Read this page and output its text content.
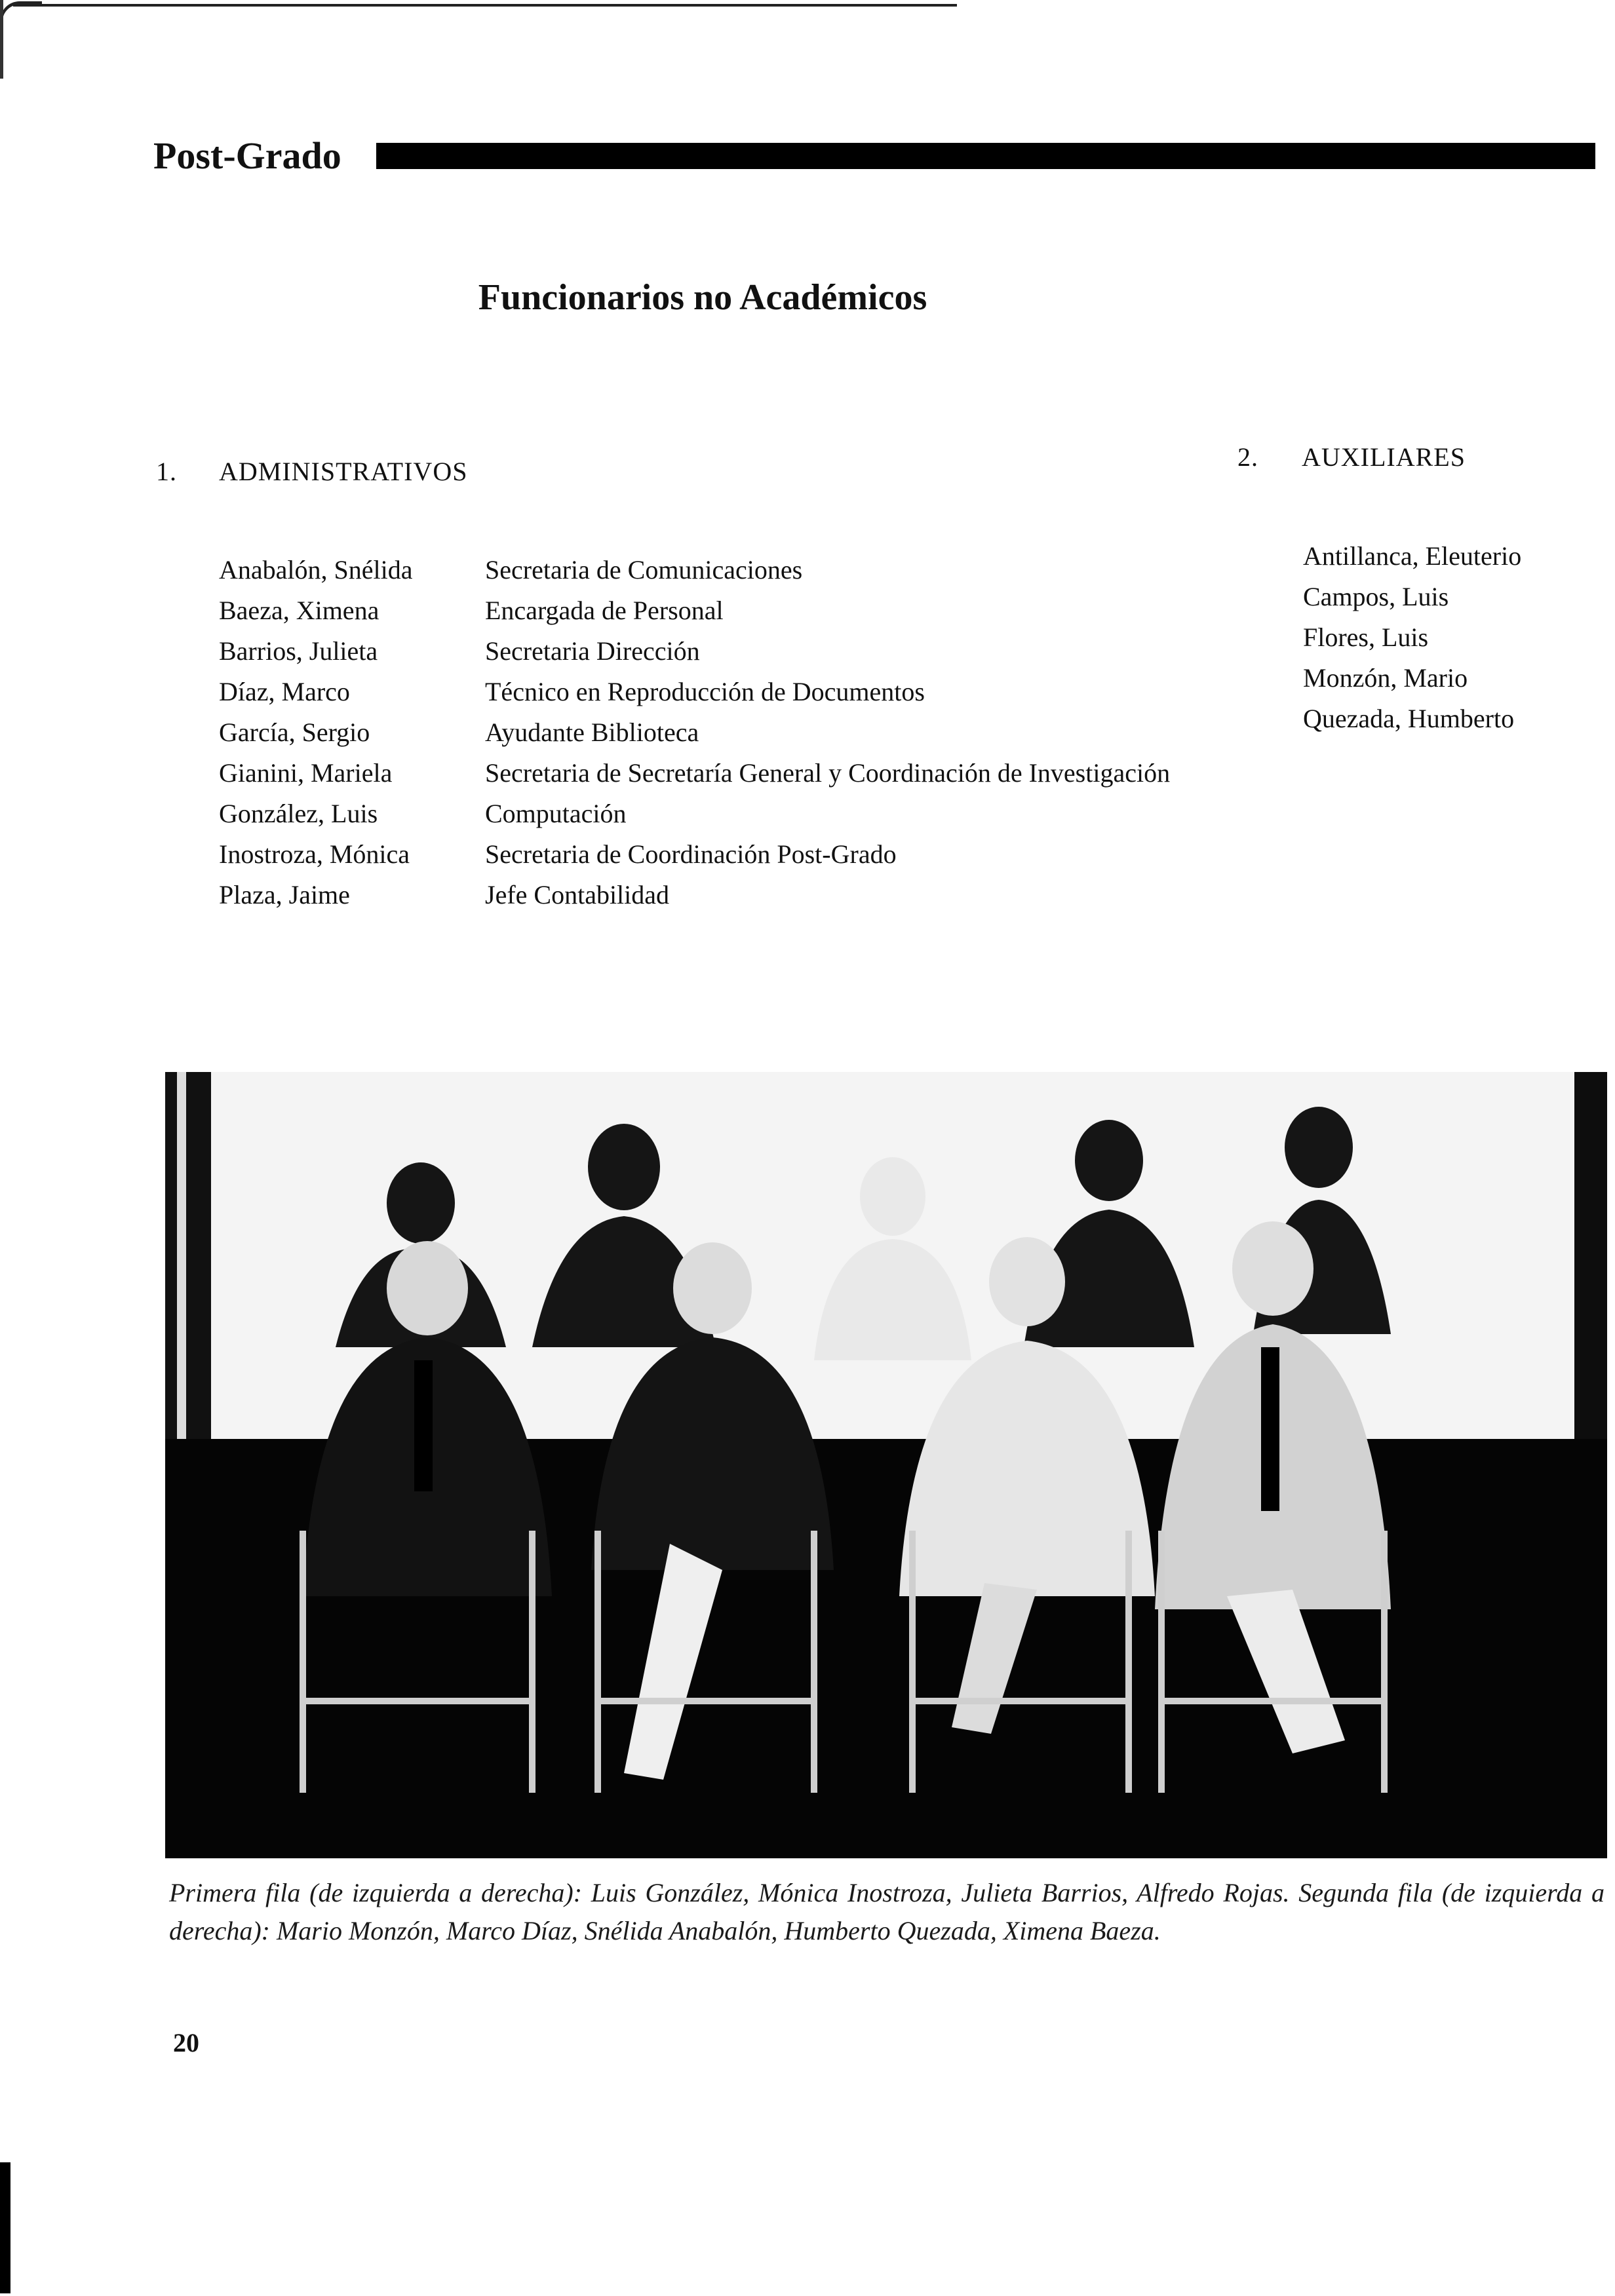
Post-Grado
Funcionarios no Académicos
1. ADMINISTRATIVOS	2. AUXILIARES
Anabalón, Snélida	Secretaria de Comunicaciones
Baeza, Ximena	Encargada de Personal
Barrios, Julieta	Secretaria Dirección
Díaz, Marco	Técnico en Reproducción de Documentos
García, Sergio	Ayudante Biblioteca
Gianini, Mariela	Secretaria de Secretaría General y Coordinación de Investigación
González, Luis	Computación
Inostroza, Mónica	Secretaria de Coordinación Post-Grado
Plaza, Jaime	Jefe Contabilidad
Antillanca, Eleuterio
Campos, Luis
Flores, Luis
Monzón, Mario
Quezada, Humberto
Primera fila (de izquierda a derecha): Luis González, Mónica Inostroza, Julieta Barrios, Alfredo Rojas. Segunda fila (de izquierda a derecha): Mario Monzón, Marco Díaz, Snélida Anabalón, Humberto Quezada, Ximena Baeza.
20
